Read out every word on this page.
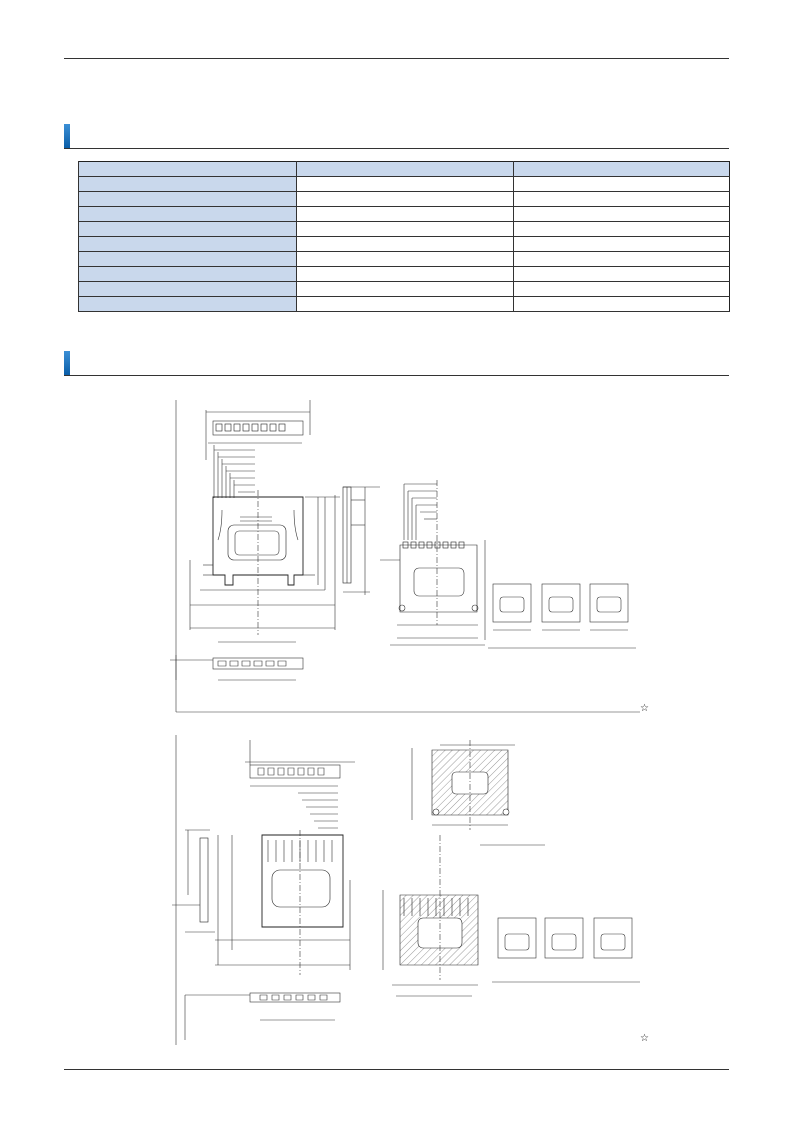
☆
☆
